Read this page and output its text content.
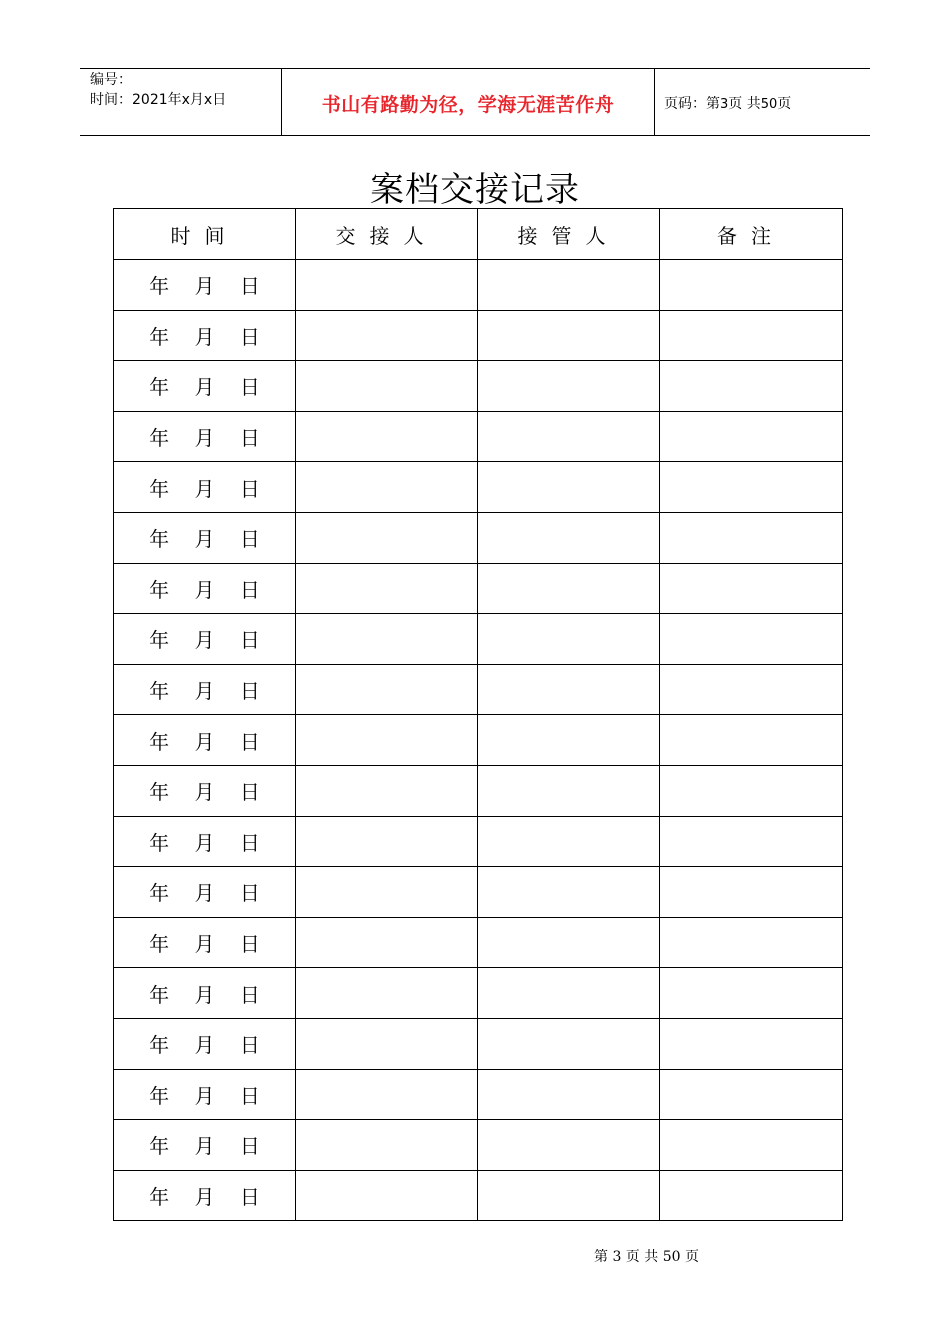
编号：
时间：2021年x月x日	书山有路勤为径，学海无涯苦作舟	页码：第3页 共50页
案档交接记录
时间	交接人	接管人	备注
年    月    日			
年    月    日			
年    月    日			
年    月    日			
年    月    日			
年    月    日			
年    月    日			
年    月    日			
年    月    日			
年    月    日			
年    月    日			
年    月    日			
年    月    日			
年    月    日			
年    月    日			
年    月    日			
年    月    日			
年    月    日			
年    月    日			
第 3 页 共 50 页
